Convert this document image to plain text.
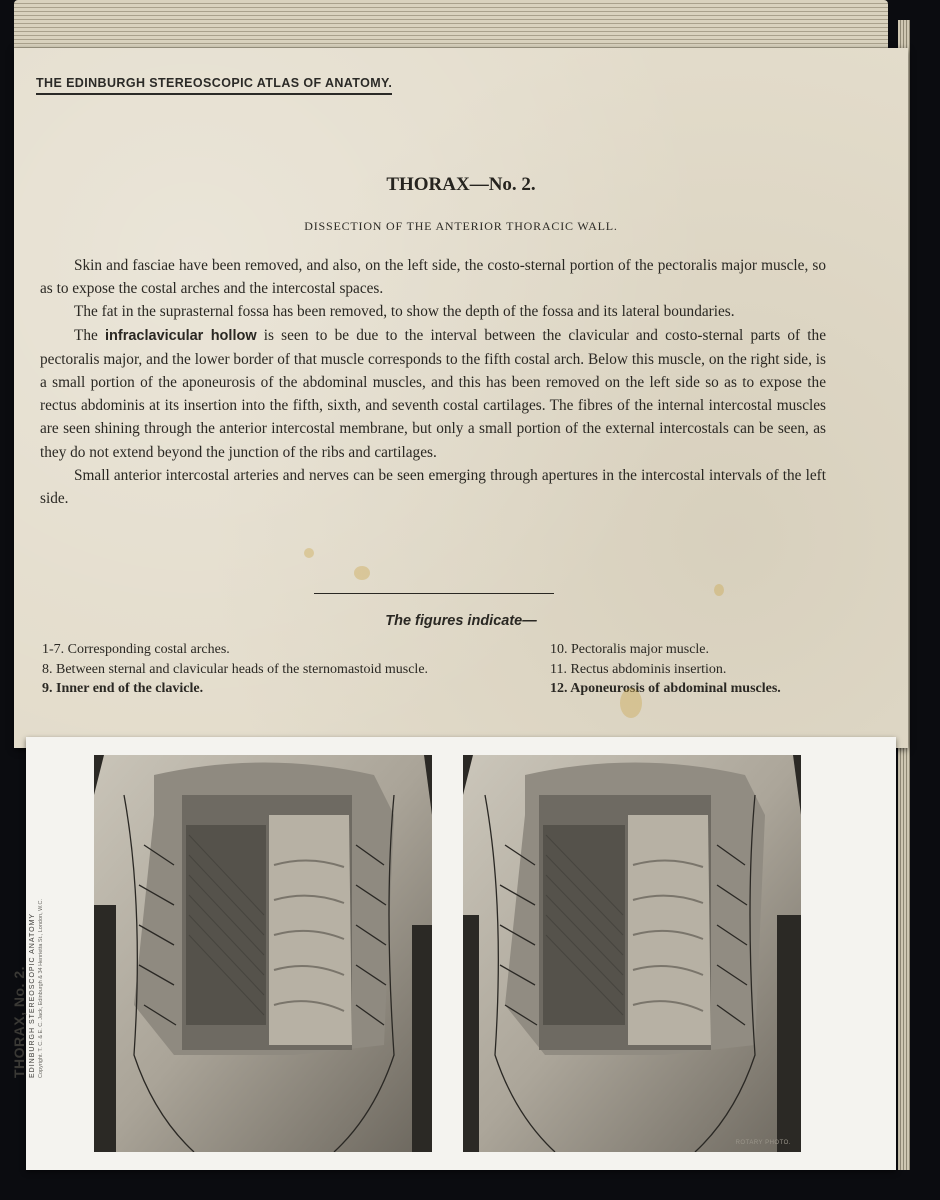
THE EDINBURGH STEREOSCOPIC ATLAS OF ANATOMY.
THORAX—No. 2.
DISSECTION OF THE ANTERIOR THORACIC WALL.

Skin and fasciae have been removed, and also, on the left side, the costo-sternal portion of the pectoralis major muscle, so as to expose the costal arches and the intercostal spaces.

The fat in the suprasternal fossa has been removed, to show the depth of the fossa and its lateral boundaries.

The infraclavicular hollow is seen to be due to the interval between the clavicular and costo-sternal parts of the pectoralis major, and the lower border of that muscle corresponds to the fifth costal arch. Below this muscle, on the right side, is a small portion of the aponeurosis of the abdominal muscles, and this has been removed on the left side so as to expose the rectus abdominis at its insertion into the fifth, sixth, and seventh costal cartilages. The fibres of the internal intercostal muscles are seen shining through the anterior intercostal membrane, but only a small portion of the external intercostals can be seen, as they do not extend beyond the junction of the ribs and cartilages.

Small anterior intercostal arteries and nerves can be seen emerging through apertures in the intercostal intervals of the left side.

The figures indicate—
1-7. Corresponding costal arches.
8. Between sternal and clavicular heads of the sternomastoid muscle.
9. Inner end of the clavicle.
10. Pectoralis major muscle.
11. Rectus abdominis insertion.
12. Aponeurosis of abdominal muscles.
THORAX, No. 2. EDINBURGH STEREOSCOPIC ANATOMY Copyright. T. C. & E. C. Jack, Edinburgh & 34 Henrietta St., London, W.C.
ROTARY PHOTO.
